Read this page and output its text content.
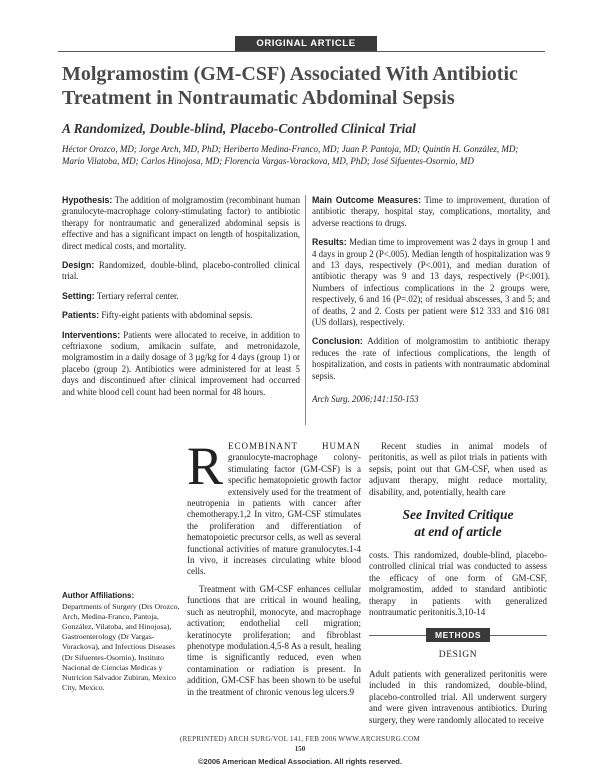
ORIGINAL ARTICLE
Molgramostim (GM-CSF) Associated With Antibiotic Treatment in Nontraumatic Abdominal Sepsis
A Randomized, Double-blind, Placebo-Controlled Clinical Trial
Héctor Orozco, MD; Jorge Arch, MD, PhD; Heriberto Medina-Franco, MD; Juan P. Pantoja, MD; Quintín H. González, MD; Mario Vilatoba, MD; Carlos Hinojosa, MD; Florencia Vargas-Vorackova, MD, PhD; José Sifuentes-Osornio, MD

Hypothesis: The addition of molgramostim (recombinant human granulocyte-macrophage colony-stimulating factor) to antibiotic therapy for nontraumatic and generalized abdominal sepsis is effective and has a significant impact on length of hospitalization, direct medical costs, and mortality.

Design: Randomized, double-blind, placebo-controlled clinical trial.

Setting: Tertiary referral center.

Patients: Fifty-eight patients with abdominal sepsis.

Interventions: Patients were allocated to receive, in addition to ceftriaxone sodium, amikacin sulfate, and metronidazole, molgramostim in a daily dosage of 3 µg/kg for 4 days (group 1) or placebo (group 2). Antibiotics were administered for at least 5 days and discontinued after clinical improvement had occurred and white blood cell count had been normal for 48 hours.

Main Outcome Measures: Time to improvement, duration of antibiotic therapy, hospital stay, complications, mortality, and adverse reactions to drugs.

Results: Median time to improvement was 2 days in group 1 and 4 days in group 2 (P<.005). Median length of hospitalization was 9 and 13 days, respectively (P<.001), and median duration of antibiotic therapy was 9 and 13 days, respectively (P<.001). Numbers of infectious complications in the 2 groups were, respectively, 6 and 16 (P=.02); of residual abscesses, 3 and 5; and of deaths, 2 and 2. Costs per patient were $12 333 and $16 081 (US dollars), respectively.

Conclusion: Addition of molgramostim to antibiotic therapy reduces the rate of infectious complications, the length of hospitalization, and costs in patients with nontraumatic abdominal sepsis.

Arch Surg. 2006;141:150-153

Author Affiliations:
Departments of Surgery (Drs Orozco, Arch, Medina-Franco, Pantoja, González, Vilatoba, and Hinojosa), Gastroenterology (Dr Vargas-Vorackova), and Infectious Diseases (Dr Sifuentes-Osornio), Instituto Nacional de Ciencias Medicas y Nutricion Salvador Zubiran, Mexico City, Mexico.

RECOMBINANT HUMAN granulocyte-macrophage colony-stimulating factor (GM-CSF) is a specific hematopoietic growth factor extensively used for the treatment of neutropenia in patients with cancer after chemotherapy.1,2 In vitro, GM-CSF stimulates the proliferation and differentiation of hematopoietic precursor cells, as well as several functional activities of mature granulocytes.1-4 In vivo, it increases circulating white blood cells.

Treatment with GM-CSF enhances cellular functions that are critical in wound healing, such as neutrophil, monocyte, and macrophage activation; endothelial cell migration; keratinocyte proliferation; and fibroblast phenotype modulation.4,5-8 As a result, healing time is significantly reduced, even when contamination or radiation is present. In addition, GM-CSF has been shown to be useful in the treatment of chronic venous leg ulcers.9

Recent studies in animal models of peritonitis, as well as pilot trials in patients with sepsis, point out that GM-CSF, when used as adjuvant therapy, might reduce mortality, disability, and, potentially, health care

See Invited Critique
at end of article

costs. This randomized, double-blind, placebo-controlled clinical trial was conducted to assess the efficacy of one form of GM-CSF, molgramostim, added to standard antibiotic therapy in patients with generalized nontraumatic peritonitis.3,10-14

METHODS
DESIGN

Adult patients with generalized peritonitis were included in this randomized, double-blind, placebo-controlled trial. All underwent surgery and were given intravenous antibiotics. During surgery, they were randomly allocated to receive

(REPRINTED) ARCH SURG/VOL 141, FEB 2006 WWW.ARCHSURG.COM
150
©2006 American Medical Association. All rights reserved.
